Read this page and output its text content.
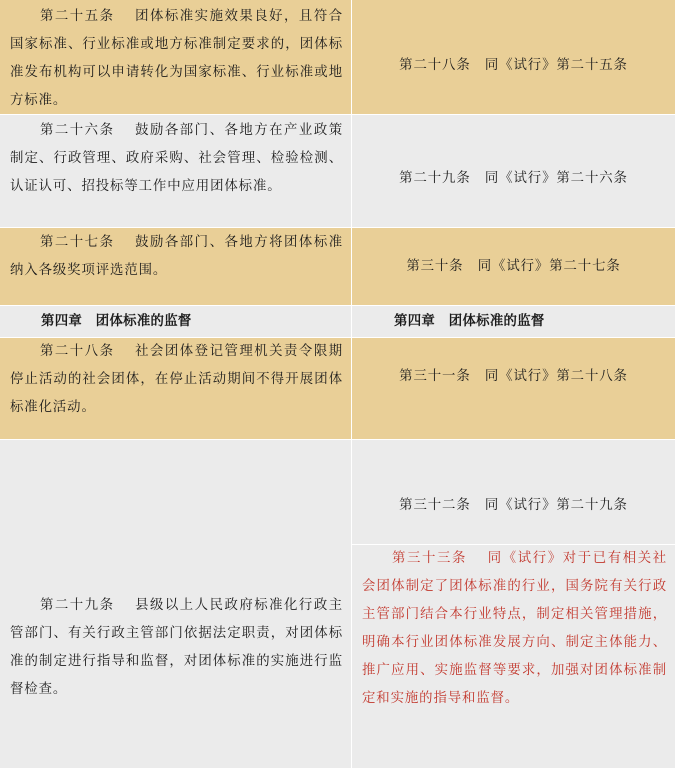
第二十五条　 团体标准实施效果良好，且符合国家标准、行业标准或地方标准制定要求的，团体标准发布机构可以申请转化为国家标准、行业标准或地方标准。
第二十八条　同《试行》第二十五条
第二十六条　 鼓励各部门、各地方在产业政策制定、行政管理、政府采购、社会管理、检验检测、认证认可、招投标等工作中应用团体标准。
第二十九条　同《试行》第二十六条
第二十七条　 鼓励各部门、各地方将团体标准纳入各级奖项评选范围。	第三十条　同《试行》第二十七条
第四章　团体标准的监督	第四章　团体标准的监督
第二十八条　 社会团体登记管理机关责令限期停止活动的社会团体，在停止活动期间不得开展团体标准化活动。
第三十一条　同《试行》第二十八条
第二十九条　 县级以上人民政府标准化行政主管部门、有关行政主管部门依据法定职责，对团体标准的制定进行指导和监督，对团体标准的实施进行监督检查。
第三十二条　同《试行》第二十九条
第三十三条　 同《试行》对于已有相关社会团体制定了团体标准的行业，国务院有关行政主管部门结合本行业特点，制定相关管理措施，明确本行业团体标准发展方向、制定主体能力、推广应用、实施监督等要求，加强对团体标准制定和实施的指导和监督。
